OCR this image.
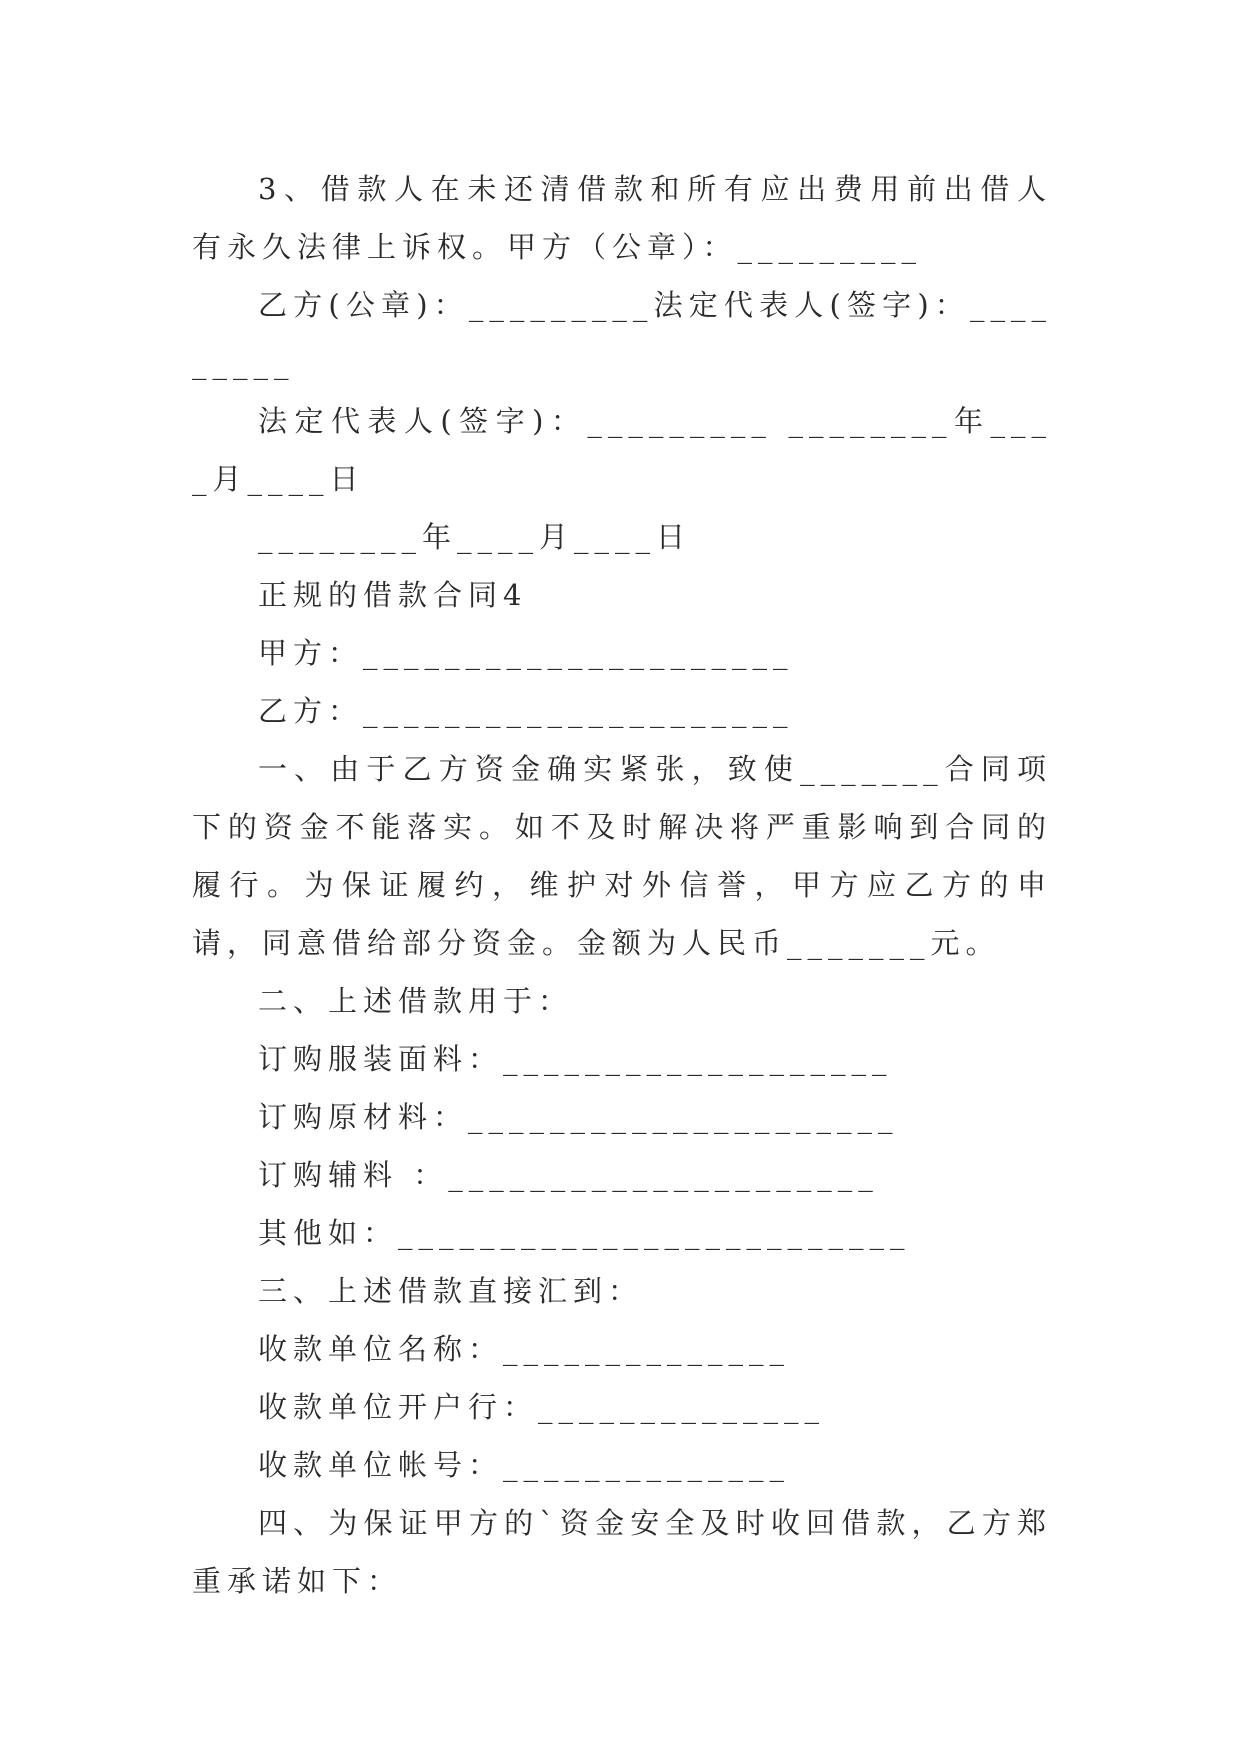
3、借款人在未还清借款和所有应出费用前出借人有永久法律上诉权。甲方（公章）：_________

乙方(公章)：_________法定代表人(签字)：_________

法定代表人(签字)：_________ ________年____月____日

________年____月____日

正规的借款合同4

甲方：_____________________

乙方：_____________________

一、由于乙方资金确实紧张，致使_______合同项下的资金不能落实。如不及时解决将严重影响到合同的履行。为保证履约，维护对外信誉，甲方应乙方的申请，同意借给部分资金。金额为人民币_______元。

二、上述借款用于：

订购服装面料：___________________

订购原材料：_____________________

订购辅料 ：_____________________

其他如：_________________________

三、上述借款直接汇到：

收款单位名称：______________

收款单位开户行：______________

收款单位帐号：______________

四、为保证甲方的`资金安全及时收回借款，乙方郑重承诺如下：
